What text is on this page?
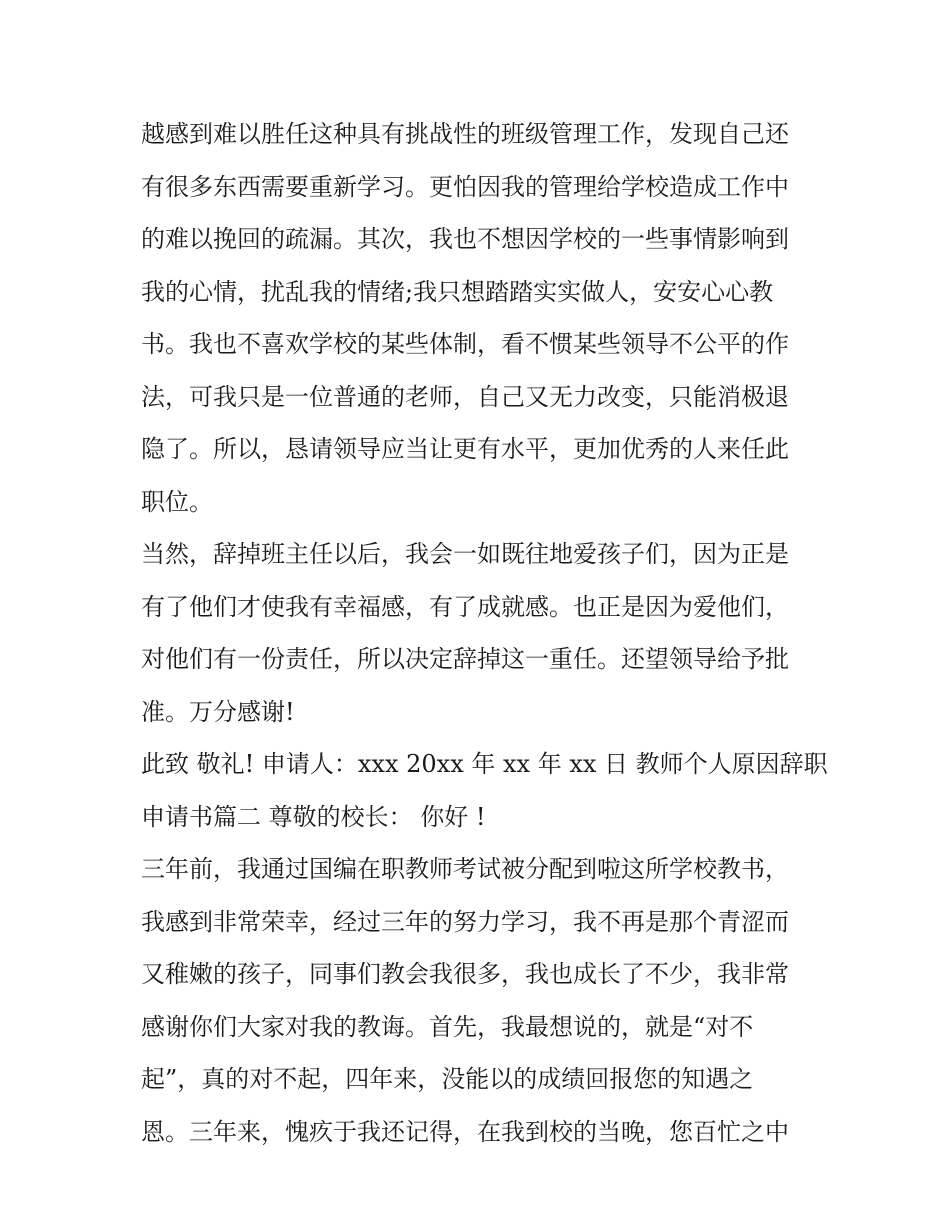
越感到难以胜任这种具有挑战性的班级管理工作，发现自己还
有很多东西需要重新学习。更怕因我的管理给学校造成工作中
的难以挽回的疏漏。其次，我也不想因学校的一些事情影响到
我的心情，扰乱我的情绪;我只想踏踏实实做人，安安心心教
书。我也不喜欢学校的某些体制，看不惯某些领导不公平的作
法，可我只是一位普通的老师，自己又无力改变，只能消极退
隐了。所以，恳请领导应当让更有水平，更加优秀的人来任此
职位。
当然，辞掉班主任以后，我会一如既往地爱孩子们，因为正是
有了他们才使我有幸福感，有了成就感。也正是因为爱他们，
对他们有一份责任，所以决定辞掉这一重任。还望领导给予批
准。万分感谢!
此致 敬礼! 申请人：xxx 20xx 年 xx 年 xx 日 教师个人原因辞职
申请书篇二 尊敬的校长： 你好 !
三年前，我通过国编在职教师考试被分配到啦这所学校教书，
我感到非常荣幸，经过三年的努力学习，我不再是那个青涩而
又稚嫩的孩子，同事们教会我很多，我也成长了不少，我非常
感谢你们大家对我的教诲。首先，我最想说的，就是“对不
起”，真的对不起，四年来，没能以的成绩回报您的知遇之
恩。三年来，愧疚于我还记得，在我到校的当晚，您百忙之中
